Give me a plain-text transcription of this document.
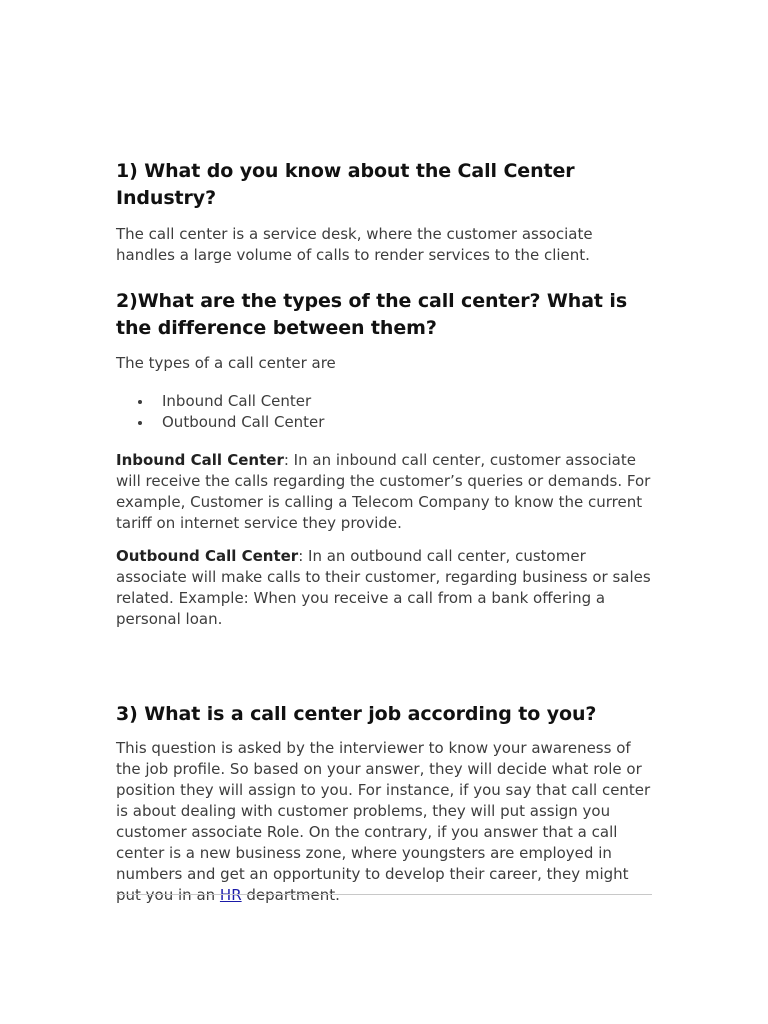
1) What do you know about the Call Center Industry?

The call center is a service desk, where the customer associate handles a large volume of calls to render services to the client.

2)What are the types of the call center? What is the difference between them?

The types of a call center are

Inbound Call Center
Outbound Call Center

Inbound Call Center: In an inbound call center, customer associate will receive the calls regarding the customer’s queries or demands. For example, Customer is calling a Telecom Company to know the current tariff on internet service they provide.

Outbound Call Center: In an outbound call center, customer associate will make calls to their customer, regarding business or sales related. Example: When you receive a call from a bank offering a personal loan.

3) What is a call center job according to you?

This question is asked by the interviewer to know your awareness of the job profile. So based on your answer, they will decide what role or position they will assign to you. For instance, if you say that call center is about dealing with customer problems, they will put assign you customer associate Role. On the contrary, if you answer that a call center is a new business zone, where youngsters are employed in numbers and get an opportunity to develop their career, they might put you in an HR department.
